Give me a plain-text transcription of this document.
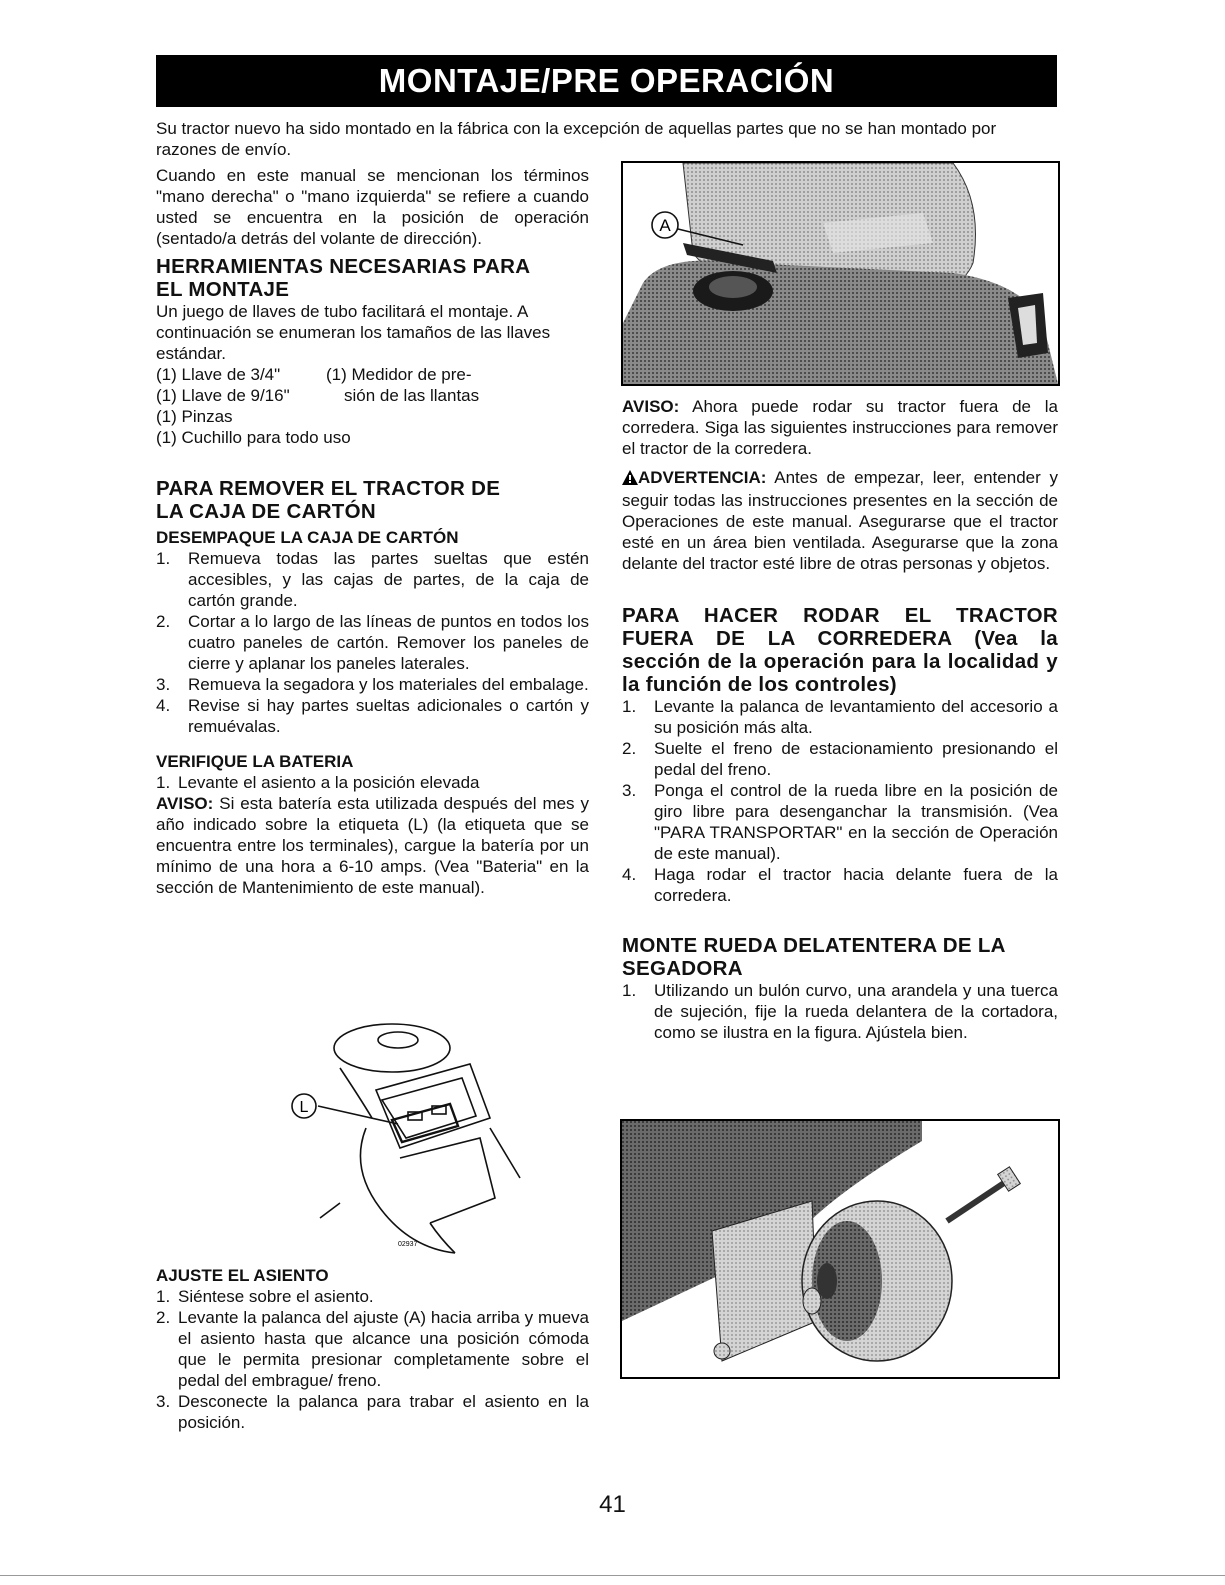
MONTAJE/PRE OPERACIÓN

Su tractor nuevo ha sido montado en la fábrica con la excepción de aquellas partes que no se han montado por razones de envío.

Cuando en este manual se mencionan los términos "mano derecha" o "mano izquierda" se refiere a cuando usted se encuentra en la posición de operación (sentado/a detrás del volante de dirección).

HERRAMIENTAS NECESARIAS PARA
EL MONTAJE

Un juego de llaves de tubo facilitará el montaje. A continuación se enumeran los tamaños de las llaves estándar.

(1) Llave de 3/4"	(1) Medidor de pre-
(1) Llave de 9/16"	sión de las llantas

(1) Pinzas

(1) Cuchillo para todo uso

PARA REMOVER EL TRACTOR DE
LA CAJA DE CARTÓN
DESEMPAQUE LA CAJA DE CARTÓN
1. Remueva todas las partes sueltas que estén accesibles, y las cajas de partes, de la caja de cartón grande.
2. Cortar a lo largo de las líneas de puntos en todos los cuatro paneles de cartón. Remover los paneles de cierre y aplanar los paneles laterales.
3. Remueva la segadora y los materiales del embalage.
4. Revise si hay partes sueltas adicionales o cartón y remuévalas.
VERIFIQUE LA BATERIA
1. Levante el asiento a la posición elevada

AVISO: Si esta batería esta utilizada después del mes y año indicado sobre la etiqueta (L) (la etiqueta que se encuentra entre los terminales), cargue la batería por un mínimo de una hora a 6-10 amps. (Vea "Bateria" en la sección de Mantenimiento de este manual).

L
02937
AJUSTE EL ASIENTO
1. Siéntese sobre el asiento.
2. Levante la palanca del ajuste (A) hacia arriba y mueva el asiento hasta que alcance una posición cómoda que le permita presionar completamente sobre el pedal del embrague/ freno.
3. Desconecte la palanca para trabar el asiento en la posición.
A

AVISO: Ahora puede rodar su tractor fuera de la corredera. Siga las siguientes instrucciones para remover el tractor de la corredera.

ADVERTENCIA: Antes de empezar, leer, entender y seguir todas las instrucciones presentes en la sección de Operaciones de este manual. Asegurarse que el tractor esté en un área bien ventilada. Asegurarse que la zona delante del tractor esté libre de otras personas y objetos.

PARA HACER RODAR EL TRACTOR FUERA DE LA CORREDERA (Vea la sección de la operación para la localidad y la función de los controles)
1. Levante la palanca de levantamiento del accesorio a su posición más alta.
2. Suelte el freno de estacionamiento presionando el pedal del freno.
3. Ponga el control de la rueda libre en la posición de giro libre para desenganchar la transmisión. (Vea "PARA TRANSPORTAR" en la sección de Operación de este manual).
4. Haga rodar el tractor hacia delante fuera de la corredera.
MONTE RUEDA DELATENTERA DE LA
SEGADORA
1. Utilizando un bulón curvo, una arandela y una tuerca de sujeción, fije la rueda delantera de la cortadora, como se ilustra en la figura. Ajústela bien.
02932
41
